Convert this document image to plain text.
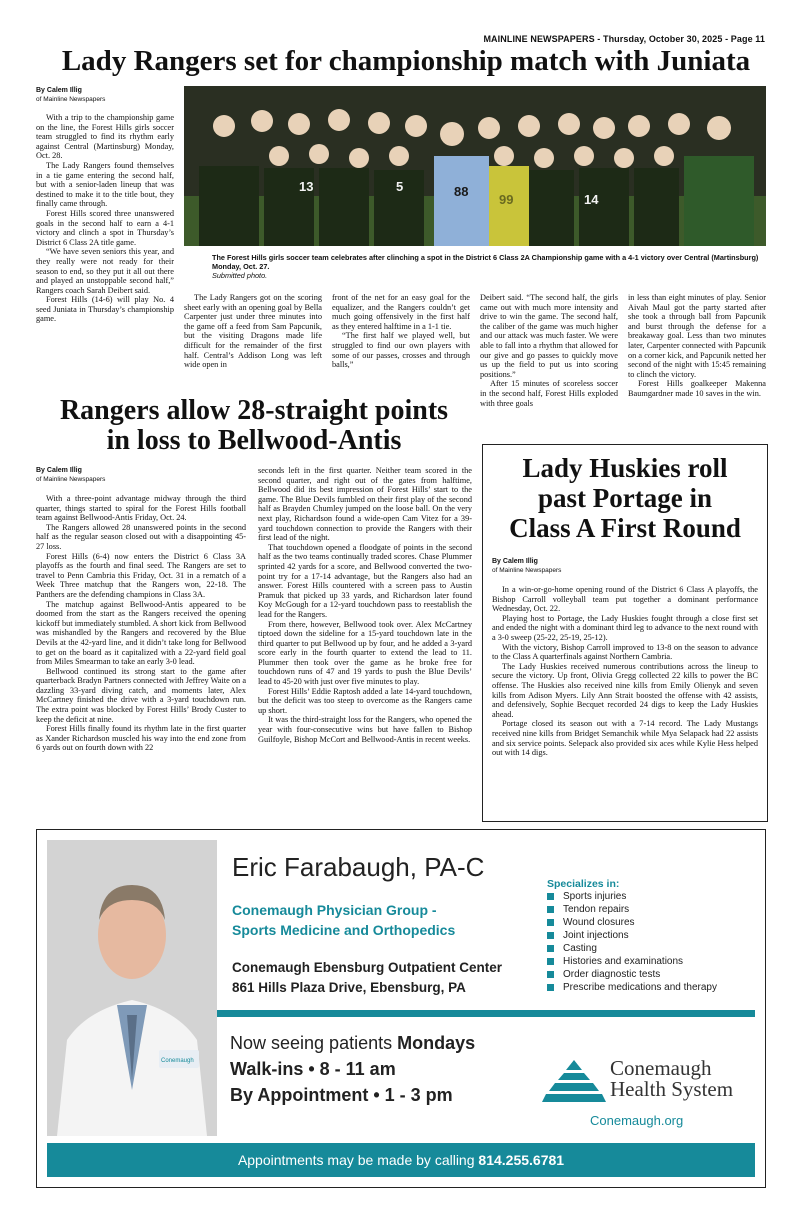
MAINLINE NEWSPAPERS - Thursday, October 30, 2025 - Page 11
Lady Rangers set for championship match with Juniata
By Calem Illig
of Mainline Newspapers

With a trip to the championship game on the line, the Forest Hills girls soccer team struggled to find its rhythm early against Central (Martinsburg) Monday, Oct. 28.

The Lady Rangers found themselves in a tie game entering the second half, but with a senior-laden lineup that was destined to make it to the title bout, they finally came through.

Forest Hills scored three unanswered goals in the second half to earn a 4-1 victory and clinch a spot in Thursday’s District 6 Class 2A title game.

“We have seven seniors this year, and they really were not ready for their season to end, so they put it all out there and played an unstoppable second half,” Rangers coach Sarah Deibert said.

Forest Hills (14-6) will play No. 4 seed Juniata in Thursday’s championship game.

13	5	88
99	14
The Forest Hills girls soccer team celebrates after clinching a spot in the District 6 Class 2A Championship game with a 4-1 victory over Central (Martinsburg) Monday, Oct. 27.
Submitted photo.

The Lady Rangers got on the scoring sheet early with an opening goal by Bella Carpenter just under three minutes into the game off a feed from Sam Papcunik, but the visiting Dragons made life difficult for the remainder of the first half. Central’s Addison Long was left wide open in

front of the net for an easy goal for the equalizer, and the Rangers couldn’t get much going offensively in the first half as they entered halftime in a 1-1 tie.

“The first half we played well, but struggled to find our own players with some of our passes, crosses and through balls,”

Deibert said. “The second half, the girls came out with much more intensity and drive to win the game. The second half, the caliber of the game was much higher and our attack was much faster. We were able to fall into a rhythm that allowed for our give and go passes to quickly move us up the field to put us into scoring positions.”

After 15 minutes of scoreless soccer in the second half, Forest Hills exploded with three goals

in less than eight minutes of play. Senior Aivah Maul got the party started after she took a through ball from Papcunik and burst through the defense for a breakaway goal. Less than two minutes later, Carpenter connected with Papcunik on a corner kick, and Papcunik netted her second of the night with 15:45 remaining to clinch the victory.

Forest Hills goalkeeper Makenna Baumgardner made 10 saves in the win.

Rangers allow 28-straight points
in loss to Bellwood-Antis
By Calem Illig
of Mainline Newspapers

With a three-point advantage midway through the third quarter, things started to spiral for the Forest Hills football team against Bellwood-Antis Friday, Oct. 24.

The Rangers allowed 28 unanswered points in the second half as the regular season closed out with a disappointing 45-27 loss.

Forest Hills (6-4) now enters the District 6 Class 3A playoffs as the fourth and final seed. The Rangers are set to travel to Penn Cambria this Friday, Oct. 31 in a rematch of a Week Three matchup that the Rangers won, 22-18. The Panthers are the defending champions in Class 3A.

The matchup against Bellwood-Antis appeared to be doomed from the start as the Rangers received the opening kickoff but immediately stumbled. A short kick from Bellwood was mishandled by the Rangers and recovered by the Blue Devils at the 42-yard line, and it didn’t take long for Bellwood to get on the board as it capitalized with a 22-yard field goal from Miles Smearman to take an early 3-0 lead.

Bellwood continued its strong start to the game after quarterback Bradyn Partners connected with Jeffrey Waite on a dazzling 33-yard diving catch, and moments later, Alex McCartney finished the drive with a 3-yard touchdown run. The extra point was blocked by Forest Hills’ Brody Custer to keep the deficit at nine.

Forest Hills finally found its rhythm late in the first quarter as Xander Richardson muscled his way into the end zone from 6 yards out on fourth down with 22

seconds left in the first quarter. Neither team scored in the second quarter, and right out of the gates from halftime, Bellwood did its best impression of Forest Hills’ start to the game. The Blue Devils fumbled on their first play of the second half as Brayden Chumley jumped on the loose ball. On the very next play, Richardson found a wide-open Cam Vitez for a 39-yard touchdown connection to provide the Rangers with their first lead of the night.

That touchdown opened a floodgate of points in the second half as the two teams continually traded scores. Chase Plummer sprinted 42 yards for a score, and Bellwood converted the two-point try for a 17-14 advantage, but the Rangers also had an answer. Forest Hills countered with a screen pass to Austin Pramuk that picked up 33 yards, and Richardson later found Koy McGough for a 12-yard touchdown pass to reestablish the lead for the Rangers.

From there, however, Bellwood took over. Alex McCartney tiptoed down the sideline for a 15-yard touchdown late in the third quarter to put Bellwood up by four, and he added a 3-yard score early in the fourth quarter to extend the lead to 11. Plummer then took over the game as he broke free for touchdown runs of 47 and 19 yards to push the Blue Devils’ lead to 45-20 with just over five minutes to play.

Forest Hills’ Eddie Raptosh added a late 14-yard touchdown, but the deficit was too steep to overcome as the Rangers came up short.

It was the third-straight loss for the Rangers, who opened the year with four-consecutive wins but have fallen to Bishop Guilfoyle, Bishop McCort and Bellwood-Antis in recent weeks.

Lady Huskies roll
past Portage in
Class A First Round
By Calem Illig
of Mainline Newspapers

In a win-or-go-home opening round of the District 6 Class A playoffs, the Bishop Carroll volleyball team put together a dominant performance Wednesday, Oct. 22.

Playing host to Portage, the Lady Huskies fought through a close first set and ended the night with a dominant third leg to advance to the next round with a 3-0 sweep (25-22, 25-19, 25-12).

With the victory, Bishop Carroll improved to 13-8 on the season to advance to the Class A quarterfinals against Northern Cambria.

The Lady Huskies received numerous contributions across the lineup to secure the victory. Up front, Olivia Gregg collected 22 kills to power the BC offense. The Huskies also received nine kills from Emily Olienyk and seven kills from Adison Myers. Lily Ann Strait boosted the offense with 42 assists, and defensively, Sophie Becquet recorded 24 digs to keep the Lady Huskies ahead.

Portage closed its season out with a 7-14 record. The Lady Mustangs received nine kills from Bridget Semanchik while Mya Selapack had 22 assists and six service points. Selepack also provided six aces while Kylie Hess helped out with 14 digs.

Conemaugh
Eric Farabaugh, PA-C
Conemaugh Physician Group -
Sports Medicine and Orthopedics
Conemaugh Ebensburg Outpatient Center
861 Hills Plaza Drive, Ebensburg, PA
Specializes in:
Sports injuries
Tendon repairs
Wound closures
Joint injections
Casting
Histories and examinations
Order diagnostic tests
Prescribe medications and therapy
Now seeing patients Mondays
Walk-ins • 8 - 11 am
By Appointment • 1 - 3 pm
Conemaugh
Health System
Conemaugh.org
Appointments may be made by calling 814.255.6781
